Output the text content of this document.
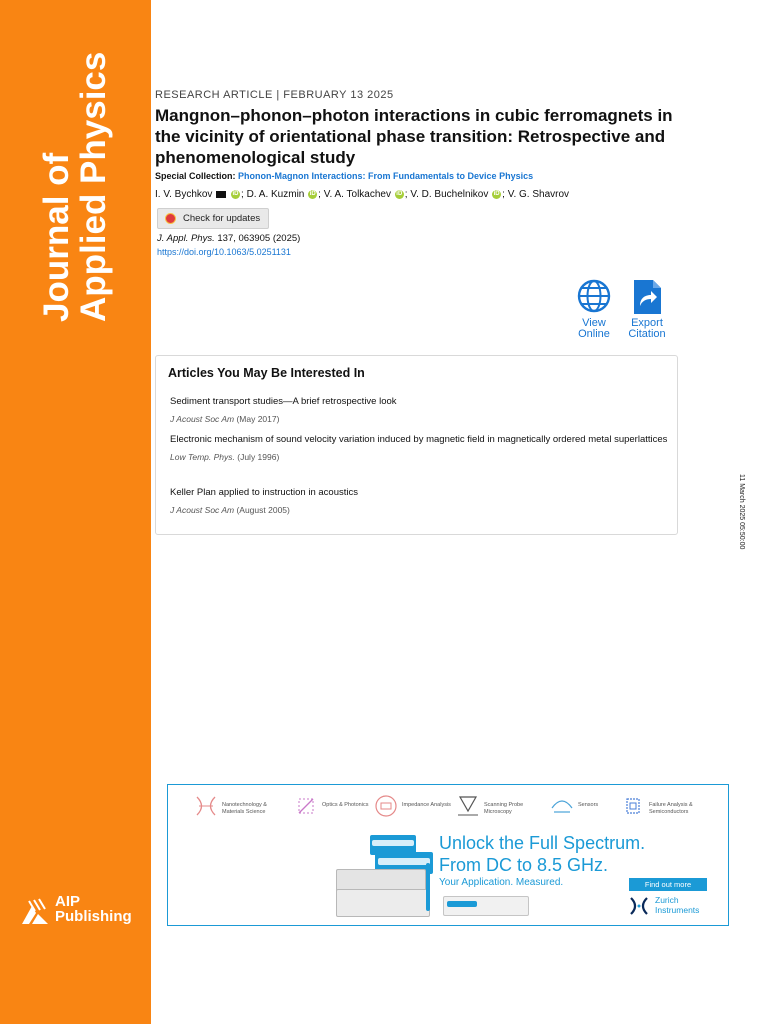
Journal of Applied Physics
AIP Publishing
RESEARCH ARTICLE | FEBRUARY 13 2025
Mangnon–phonon–photon interactions in cubic ferromagnets in the vicinity of orientational phase transition: Retrospective and phenomenological study
Special Collection: Phonon-Magnon Interactions: From Fundamentals to Device Physics
I. V. Bychkov	iD ; D. A. Kuzmin iD ; V. A. Tolkachev iD ; V. D. Buchelnikov iD ; V. G. Shavrov
Check for updates
J. Appl. Phys. 137, 063905 (2025)
https://doi.org/10.1063/5.0251131
View
Online
Export
Citation
Articles You May Be Interested In
Sediment transport studies—A brief retrospective look
J Acoust Soc Am (May 2017)
Electronic mechanism of sound velocity variation induced by magnetic field in magnetically ordered metal superlattices
Low Temp. Phys. (July 1996)
Keller Plan applied to instruction in acoustics
J Acoust Soc Am (August 2005)	11 March 2025 05:50:00
Nanotechnology & Materials Science
Optics & Photonics	Impedance Analysis	Scanning Probe Microscopy
Sensors	Failure Analysis & Semiconductors
Unlock the Full Spectrum.
From DC to 8.5 GHz.
Your Application. Measured.	Find out more
Zurich
Instruments
